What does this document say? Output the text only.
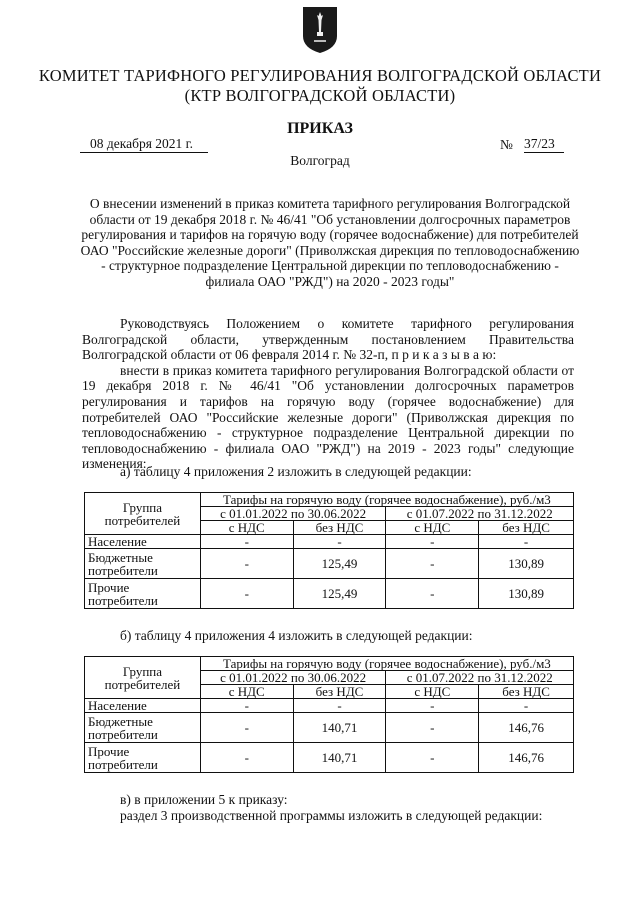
КОМИТЕТ ТАРИФНОГО РЕГУЛИРОВАНИЯ ВОЛГОГРАДСКОЙ ОБЛАСТИ
(КТР ВОЛГОГРАДСКОЙ ОБЛАСТИ)
ПРИКАЗ
08 декабря 2021 г.	№ 37/23
Волгоград
О внесении изменений в приказ комитета тарифного регулирования Волгоградской области от 19 декабря 2018 г. № 46/41 "Об установлении долгосрочных параметров регулирования и тарифов на горячую воду (горячее водоснабжение) для потребителей ОАО "Российские железные дороги" (Приволжская дирекция по тепловодоснабжению - структурное подразделение Центральной дирекции по тепловодоснабжению - филиала ОАО "РЖД") на 2020 - 2023 годы"

Руководствуясь Положением о комитете тарифного регулирования Волгоградской области, утвержденным постановлением Правительства Волгоградской области от 06 февраля 2014 г. № 32-п, п р и к а з ы в а ю:

внести в приказ комитета тарифного регулирования Волгоградской области от 19 декабря 2018 г. № 46/41 "Об установлении долгосрочных параметров регулирования и тарифов на горячую воду (горячее водоснабжение) для потребителей ОАО "Российские железные дороги" (Приволжская дирекция по тепловодоснабжению - структурное подразделение Центральной дирекции по тепловодоснабжению - филиала ОАО "РЖД") на 2019 - 2023 годы" следующие изменения:

а) таблицу 4 приложения 2 изложить в следующей редакции:
Группа потребителей	Тарифы на горячую воду (горячее водоснабжение), руб./м3			
	с 01.01.2022 по 30.06.2022		с 01.07.2022 по 31.12.2022	
	с НДС	без НДС	с НДС	без НДС
Население	-	-	-	-
Бюджетные потребители	-	125,49	-	130,89
Прочие потребители	-	125,49	-	130,89
б) таблицу 4 приложения 4 изложить в следующей редакции:
Группа потребителей	Тарифы на горячую воду (горячее водоснабжение), руб./м3			
	с 01.01.2022 по 30.06.2022		с 01.07.2022 по 31.12.2022	
	с НДС	без НДС	с НДС	без НДС
Население	-	-	-	-
Бюджетные потребители	-	140,71	-	146,76
Прочие потребители	-	140,71	-	146,76
в) в приложении 5 к приказу:
раздел 3 производственной программы изложить в следующей редакции:
